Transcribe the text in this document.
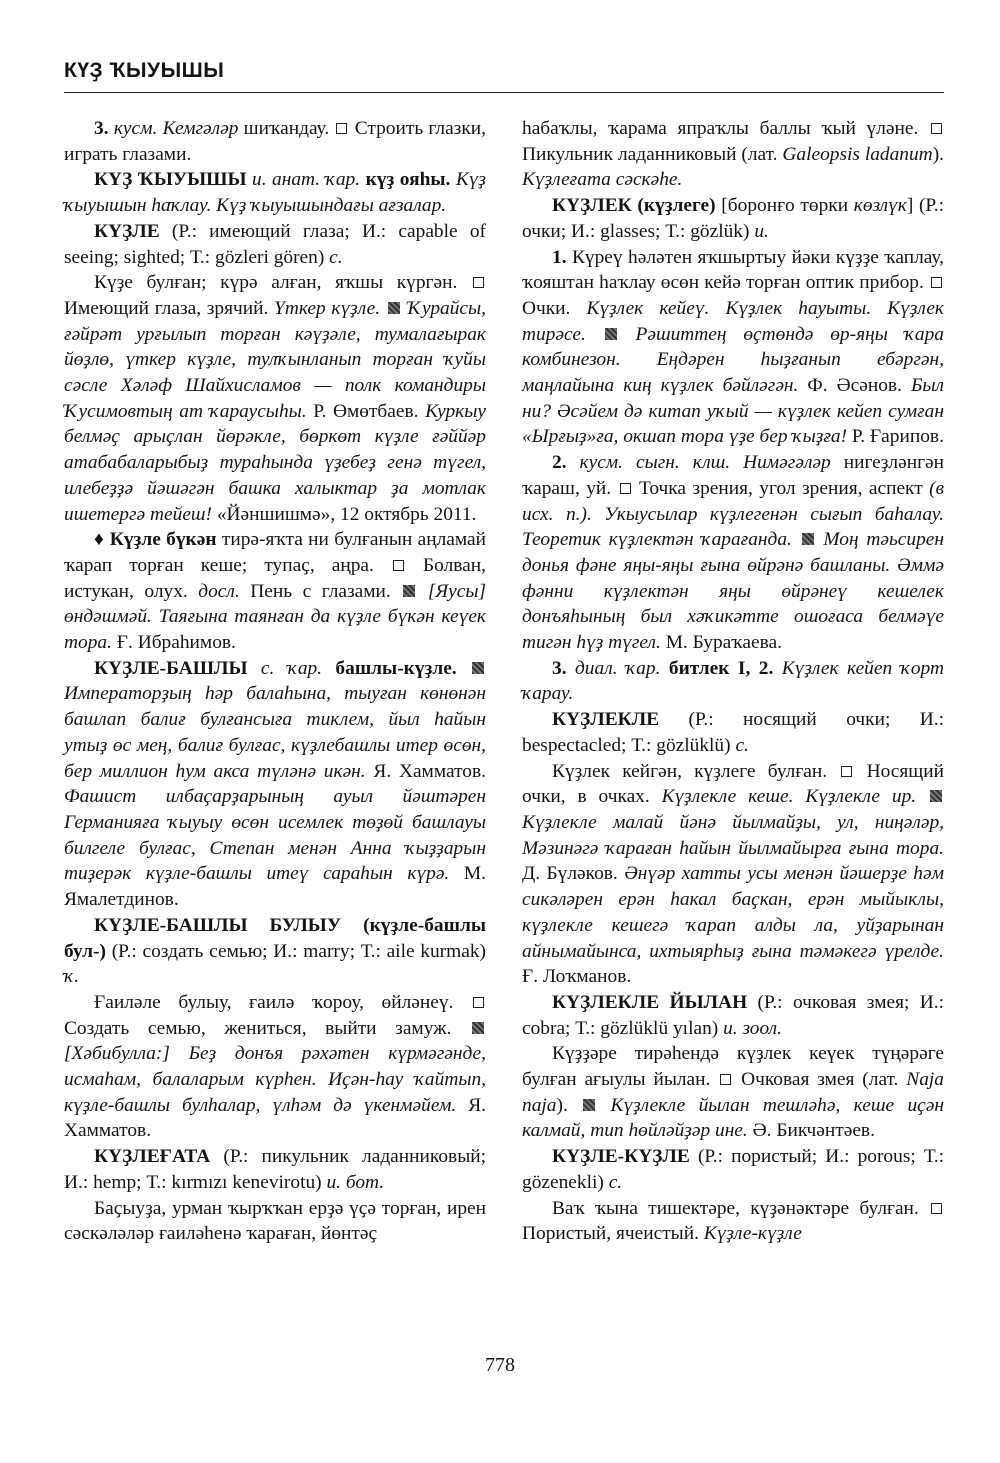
КҮҘ ҠЫУЫШЫ

3. кусм. Кемгәләр шиҡандау.  Строить глазки, играть глазами.

КҮҘ ҠЫУЫШЫ и. анат. ҡар. күҙ ояһы. Күҙ ҡыуышын һаҡлау. Күҙ ҡыуышындағы ағзалар.

КҮҘЛЕ (Р.: имеющий глаза; И.: capable of seeing; sighted; Т.: gözleri gören) с.

Күҙе булған; күрә алған, яҡшы күргән.  Имеющий глаза, зрячий. Үткер күҙле.  Ҡурайсы, ғәйрәт урғылып торған кәүҙәле, тумалағырак йөҙлө, үткер күҙле, тулҡынланып торған ҡуйы сәсле Хәләф Шайхисламов — полк командиры Ҡусимовтың ат ҡараусыһы. Р. Өмөтбаев. Куркыу белмәҫ арыҫлан йөрәкле, бөркөт күҙле ғәййәр атабабаларыбыҙ тураһында үҙебеҙ генә түгел, илебеҙҙә йәшәгән башка халыктар ҙа мотлак ишетергә тейеш! «Йәншишмә», 12 октябрь 2011.

♦ Күҙле бүкән тирә-яҡта ни булғанын аңламай ҡарап торған кеше; тупаҫ, аңра.  Болван, истукан, олух. досл. Пень с глазами.  [Яусы] өндәшмәй. Таяғына таянған да күҙле бүкән кеүек тора. Ғ. Ибраһимов.

КҮҘЛЕ-БАШЛЫ с. ҡар. башлы-күҙле.  Императорҙың һәр балаһына, тыуған көнөнән башлап балиғ булғансыға тиклем, йыл һайын утыҙ өс мең, балиғ булғас, күҙлебашлы итер өсөн, бер миллион һум акса түләнә икән. Я. Хамматов. Фашист илбаҫарҙарының ауыл йәштәрен Германияға ҡыуыу өсөн исемлек төҙөй башлауы билгеле булғас, Степан менән Анна ҡыҙҙарын тиҙерәк күҙле-башлы итеү сараһын күрә. М. Ямалетдинов.

КҮҘЛЕ-БАШЛЫ БУЛЫУ (күҙле-башлы бул-) (Р.: создать семью; И.: marry; Т.: aile kurmak) ҡ.

Ғаиләле булыу, ғаилә ҡороу, өйләнеү.  Создать семью, жениться, выйти замуж.  [Хәбибулла:] Беҙ донъя рәхәтен күрмәгәнде, исмаһам, балаларым күрһен. Иҫән-һау ҡайтып, күҙле-башлы булһалар, үлһәм дә үкенмәйем. Я. Хамматов.

КҮҘЛЕҒАТА (Р.: пикульник ладанниковый; И.: hemp; Т.: kırmızı kenevirotu) и. бот.

Баҫыуҙа, урман ҡырҡҡан ерҙә үҫә торған, ирен сәскәләләр ғаиләһенә ҡараған, йөнтәҫ

һабаҡлы, ҡарама япраҡлы баллы ҡый үләне.  Пикульник ладанниковый (лат. Galeopsis ladanum). Күҙлеғата сәскәһе.

КҮҘЛЕК (күҙлеге) [боронғо төрки көзлүк] (Р.: очки; И.: glasses; Т.: gözlük) и.

1. Күреү һәләтен яҡшыртыу йәки күҙҙе ҡаплау, ҡояштан һаҡлау өсөн кейә торған оптик прибор.  Очки. Күҙлек кейеү. Күҙлек һауыты. Күҙлек тирәсе.  Рәшиттең өҫтөндә өр-яңы ҡара комбинезон. Еңдәрен һыҙғанып ебәргән, маңлайына киң күҙлек бәйләгән. Ф. Әсәнов. Был ни? Әсәйем дә китап уҡый — күҙлек кейеп сумған «Ырғыҙ»ға, окшап тора үҙе бер ҡыҙға! Р. Ғарипов.

2. кусм. сыгн. клш. Нимәгәләр нигеҙләнгән ҡараш, уй.  Точка зрения, угол зрения, аспект (в исх. п.). Укыусылар күҙлегенән сығып баһалау. Теоретик күҙлектән ҡарағанда.  Моң тәьсирен донья фәне яңы-яңы ғына өйрәнә башланы. Әммә фәнни күҙлектән яңы өйрәнеү кешелек донъяһының был хәҡикәтте ошоғаса белмәүе тигән һүҙ түгел. М. Бураҡаева.

3. диал. ҡар. битлек I, 2. Күҙлек кейеп ҡорт ҡарау.

КҮҘЛЕКЛЕ (Р.: носящий очки; И.: bespectacled; Т.: gözlüklü) с.

Күҙлек кейгән, күҙлеге булған.  Носящий очки, в очках. Күҙлекле кеше. Күҙлекле ир.  Күҙлекле малай йәнә йылмайҙы, ул, ниңәләр, Мәзинәгә ҡараған һайын йылмайырға ғына тора. Д. Бүләков. Әнүәр хатты усы менән йәшерҙе һәм сикәләрен ерән һакал баҫкан, ерән мыйыклы, күҙлекле кешегә ҡарап алды ла, уйҙарынан айнымайынса, ихтыярһыҙ ғына тәмәкегә үрелде. Ғ. Лоҡманов.

КҮҘЛЕКЛЕ ЙЫЛАН (Р.: очковая змея; И.: cobra; Т.: gözlüklü yılan) и. зоол.

Күҙҙәре тирәһендә күҙлек кеүек түңәрәге булған ағыулы йылан.  Очковая змея (лат. Naja naja).  Күҙлекле йылан тешләһә, кеше иҫән калмай, тип һөйләйҙәр ине. Ә. Бикчәнтәев.

КҮҘЛЕ-КҮҘЛЕ (Р.: пористый; И.: porous; Т.: gözenekli) с.

Ваҡ ҡына тишектәре, күҙәнәктәре булған.  Пористый, ячеистый. Күҙле-күҙле

778
